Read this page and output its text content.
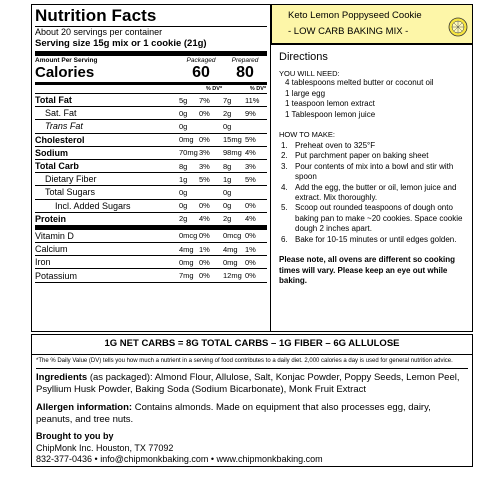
Nutrition Facts
About 20 servings per container
Serving size 15g mix or 1 cookie (21g)
Amount Per Serving	Packaged	Prepared
Calories	60	80
% DV*	% DV*
Total Fat	5g	7%	7g	11%
Sat. Fat	0g	0%	2g	9%
Trans Fat	0g	0g
Cholesterol	0mg 0%	15mg 5%
Sodium	70mg 3%	98mg 4%
Total Carb	8g	3%	8g	3%
Dietary Fiber	1g	5%	1g	5%
Total Sugars	0g	0g
Incl. Added Sugars	0g	0%	0g	0%
Protein	2g	4%	2g	4%
Vitamin D	0mcg 0%	0mcg 0%
Calcium	4mg 1%	4mg 1%
Iron	0mg 0%	0mg 0%
Potassium	7mg 0%	12mg 0%
Keto Lemon Poppyseed Cookie
- LOW CARB BAKING MIX -
Directions
YOU WILL NEED:
4 tablespoons melted butter or coconut oil
1 large egg
1 teaspoon lemon extract
1 Tablespoon lemon juice
HOW TO MAKE:
1. Preheat oven to 325°F
2. Put parchment paper on baking sheet
3. Pour contents of mix into a bowl and stir with spoon
4. Add the egg, the butter or oil, lemon juice and extract. Mix thoroughly.
5. Scoop out rounded teaspoons of dough onto baking pan to make ~20 cookies. Space cookie dough 2 inches apart.
6. Bake for 10-15 minutes or until edges golden.
Please note, all ovens are different so cooking times will vary. Please keep an eye out while baking.
1G NET CARBS = 8G TOTAL CARBS – 1G FIBER – 6G ALLULOSE
*The % Daily Value (DV) tells you how much a nutrient in a serving of food contributes to a daily diet. 2,000 calories a day is used for general nutrition advice.
Ingredients (as packaged): Almond Flour, Allulose, Salt, Konjac Powder, Poppy Seeds, Lemon Peel, Psyllium Husk Powder, Baking Soda (Sodium Bicarbonate), Monk Fruit Extract
Allergen information: Contains almonds. Made on equipment that also processes egg, dairy, peanuts, and tree nuts.
Brought to you by
ChipMonk Inc. Houston, TX 77092
832-377-0436 • info@chipmonkbaking.com • www.chipmonkbaking.com
